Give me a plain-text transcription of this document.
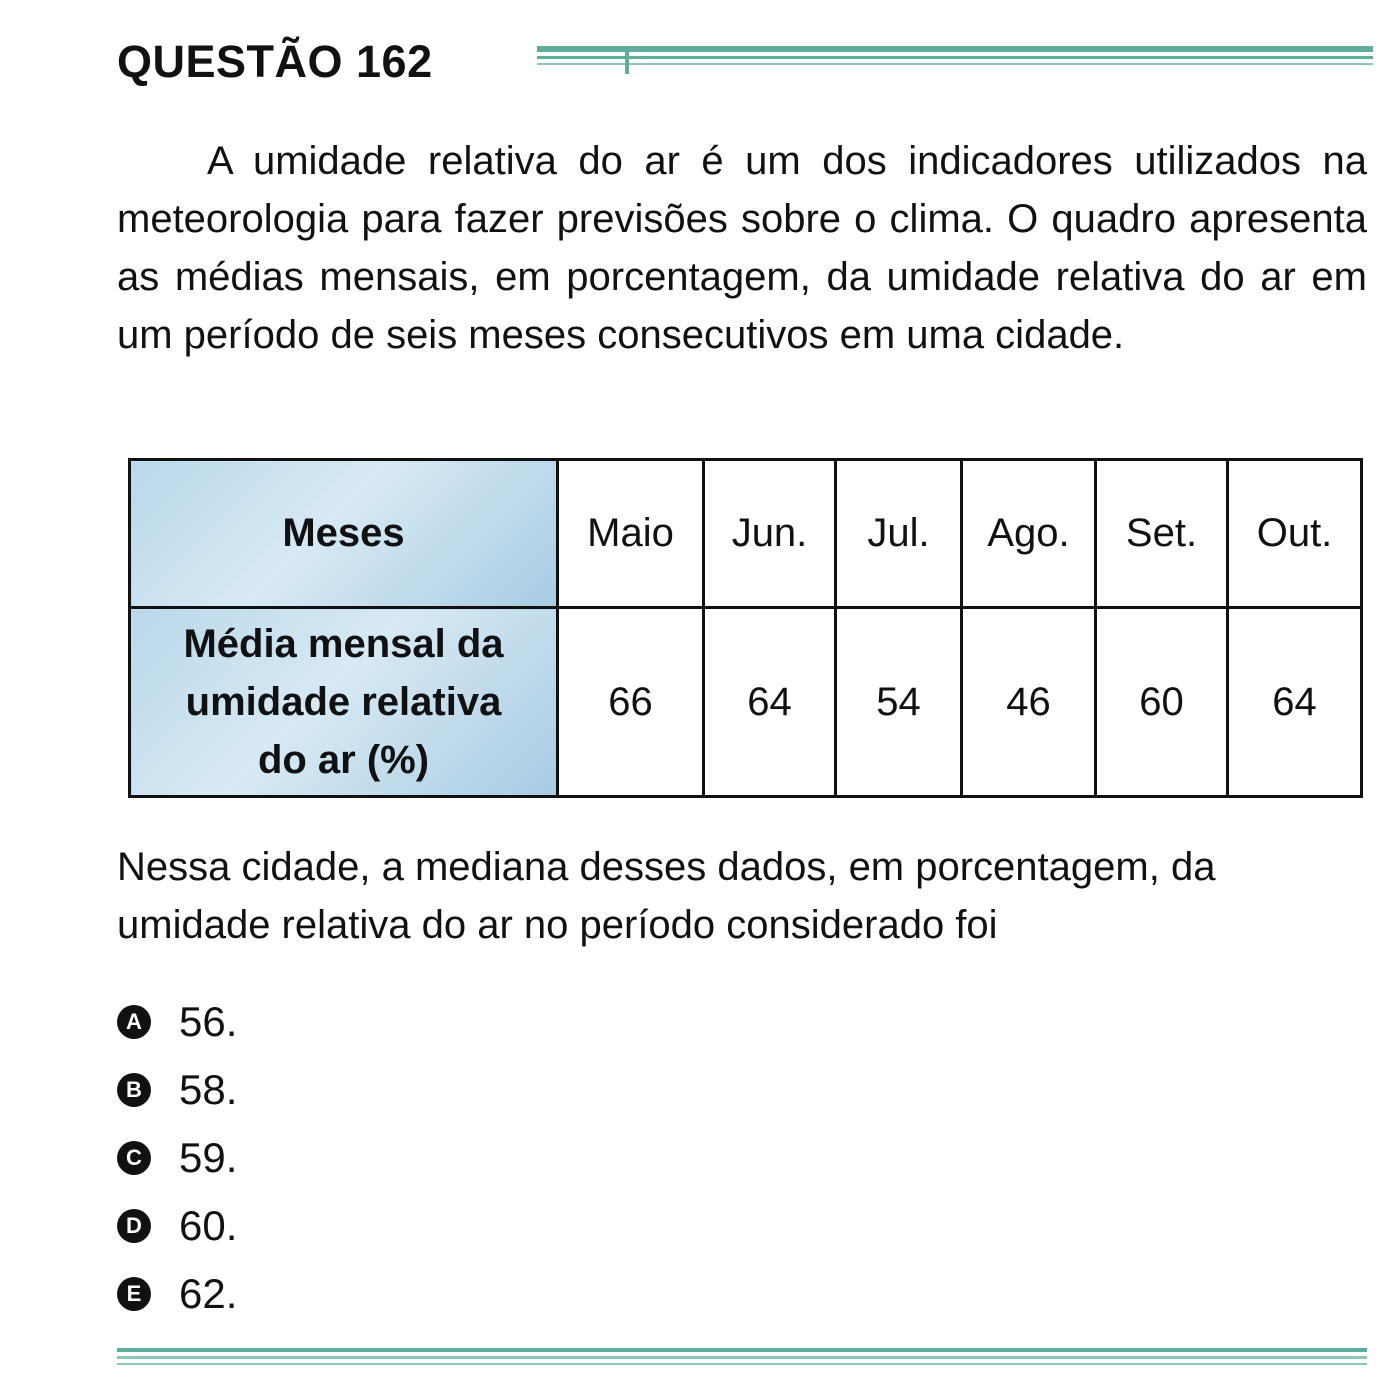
QUESTÃO 162

A umidade relativa do ar é um dos indicadores utilizados na meteorologia para fazer previsões sobre o clima. O quadro apresenta as médias mensais, em porcentagem, da umidade relativa do ar em um período de seis meses consecutivos em uma cidade.

Meses	Maio	Jun.	Jul.	Ago.	Set.	Out.

Média mensal da
umidade relativa
do ar (%)	66	64	54	46	60	64

Nessa cidade, a mediana desses dados, em porcentagem, da umidade relativa do ar no período considerado foi

A 56.
B 58.
C 59.
D 60.
E 62.
